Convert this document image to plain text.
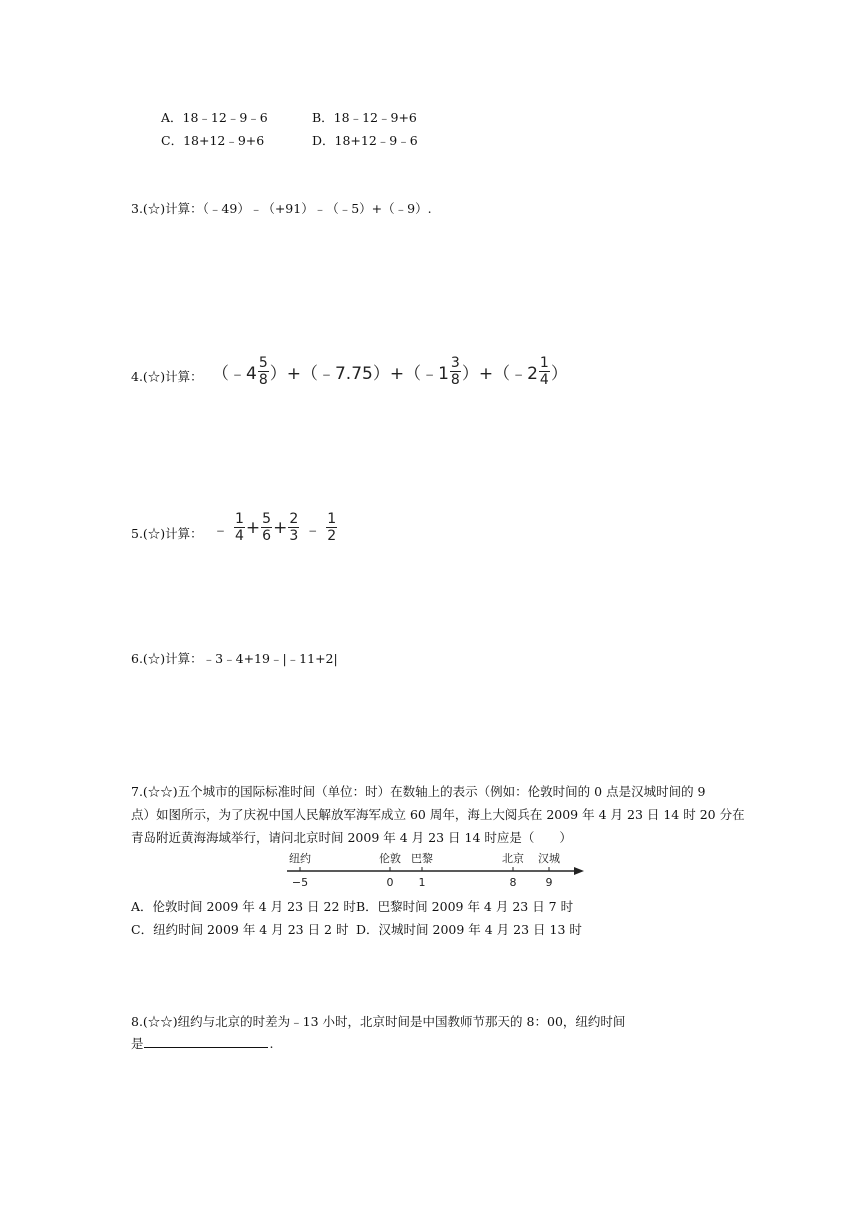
A．18﹣12﹣9﹣6	B．18﹣12﹣9+6
C．18+12﹣9+6	D．18+12﹣9﹣6
3.(☆)计算：（﹣49）﹣（+91）﹣（﹣5）+（﹣9）.
4.(☆)计算： （﹣4 $\frac{5}{8}$ ）+（﹣7.75）+（﹣1 $\frac{3}{8}$ ）+（﹣2 $\frac{1}{4}$ ）
5.(☆)计算： ﹣ $\frac{1}{4} + \frac{5}{6} + \frac{2}{3}$ ﹣ $\frac{1}{2}$
6.(☆)计算：﹣3﹣4+19﹣|﹣11+2|
7.(☆☆)五个城市的国际标准时间（单位：时）在数轴上的表示（例如：伦敦时间的 0 点是汉城时间的 9
点）如图所示，为了庆祝中国人民解放军海军成立 60 周年，海上大阅兵在 2009 年 4 月 23 日 14 时 20 分在
青岛附近黄海海域举行，请问北京时间 2009 年 4 月 23 日 14 时应是（　　）
纽约	伦敦 巴黎	北京 汉城
−5	0 1	8	9
A．伦敦时间 2009 年 4 月 23 日 22 时 B．巴黎时间 2009 年 4 月 23 日 7 时
C．纽约时间 2009 年 4 月 23 日 2 时 D．汉城时间 2009 年 4 月 23 日 13 时
8.(☆☆)纽约与北京的时差为﹣13 小时，北京时间是中国教师节那天的 8：00，纽约时间
是	.
